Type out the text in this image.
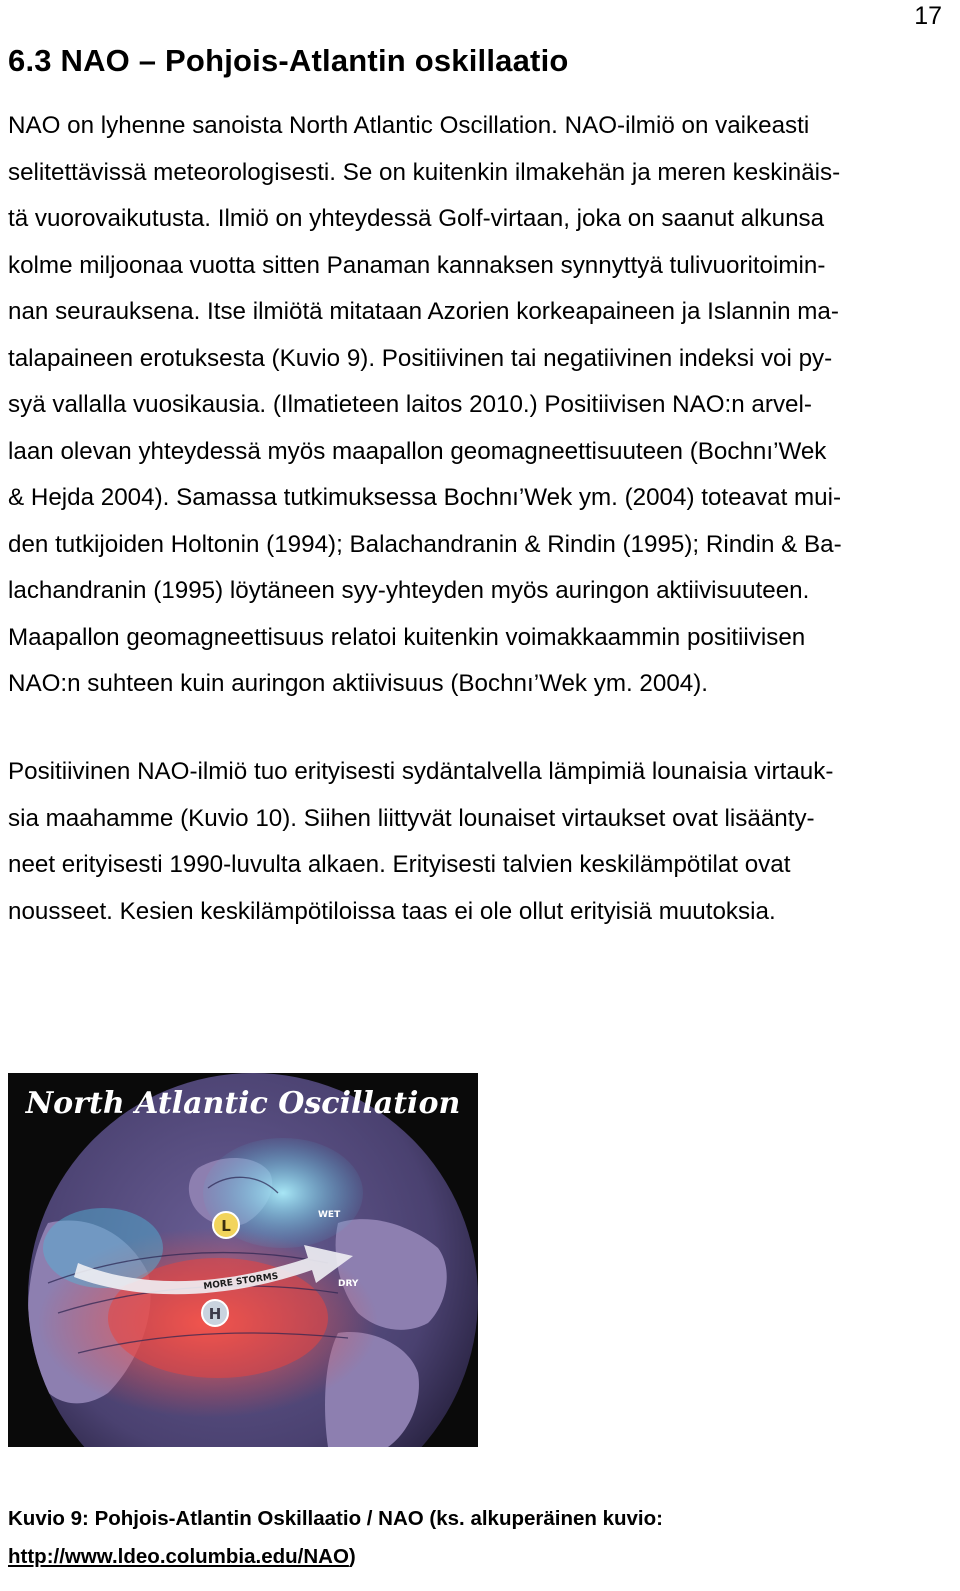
17
6.3 NAO – Pohjois-Atlantin oskillaatio
NAO on lyhenne sanoista North Atlantic Oscillation. NAO-ilmiö on vaikeasti
selitettävissä meteorologisesti. Se on kuitenkin ilmakehän ja meren keskinäis-
tä vuorovaikutusta. Ilmiö on yhteydessä Golf-virtaan, joka on saanut alkunsa
kolme miljoonaa vuotta sitten Panaman kannaksen synnyttyä tulivuoritoimin-
nan seurauksena. Itse ilmiötä mitataan Azorien korkeapaineen ja Islannin ma-
talapaineen erotuksesta (Kuvio 9). Positiivinen tai negatiivinen indeksi voi py-
syä vallalla vuosikausia. (Ilmatieteen laitos 2010.) Positiivisen NAO:n arvel-
laan olevan yhteydessä myös maapallon geomagneettisuuteen (Bochnı’Wek
& Hejda 2004). Samassa tutkimuksessa Bochnı’Wek ym. (2004) toteavat mui-
den tutkijoiden Holtonin (1994); Balachandranin & Rindin (1995); Rindin & Ba-
lachandranin (1995) löytäneen syy-yhteyden myös auringon aktiivisuuteen.
Maapallon geomagneettisuus relatoi kuitenkin voimakkaammin positiivisen
NAO:n suhteen kuin auringon aktiivisuus (Bochnı’Wek ym. 2004).
Positiivinen NAO-ilmiö tuo erityisesti sydäntalvella lämpimiä lounaisia virtauk-
sia maahamme (Kuvio 10). Siihen liittyvät lounaiset virtaukset ovat lisäänty-
neet erityisesti 1990-luvulta alkaen. Erityisesti talvien keskilämpötilat ovat
nousseet. Kesien keskilämpötiloissa taas ei ole ollut erityisiä muutoksia.
North Atlantic Oscillation
L
H
WET
DRY
MORE STORMS
Kuvio 9: Pohjois-Atlantin Oskillaatio / NAO (ks. alkuperäinen kuvio:
http://www.ldeo.columbia.edu/NAO)
